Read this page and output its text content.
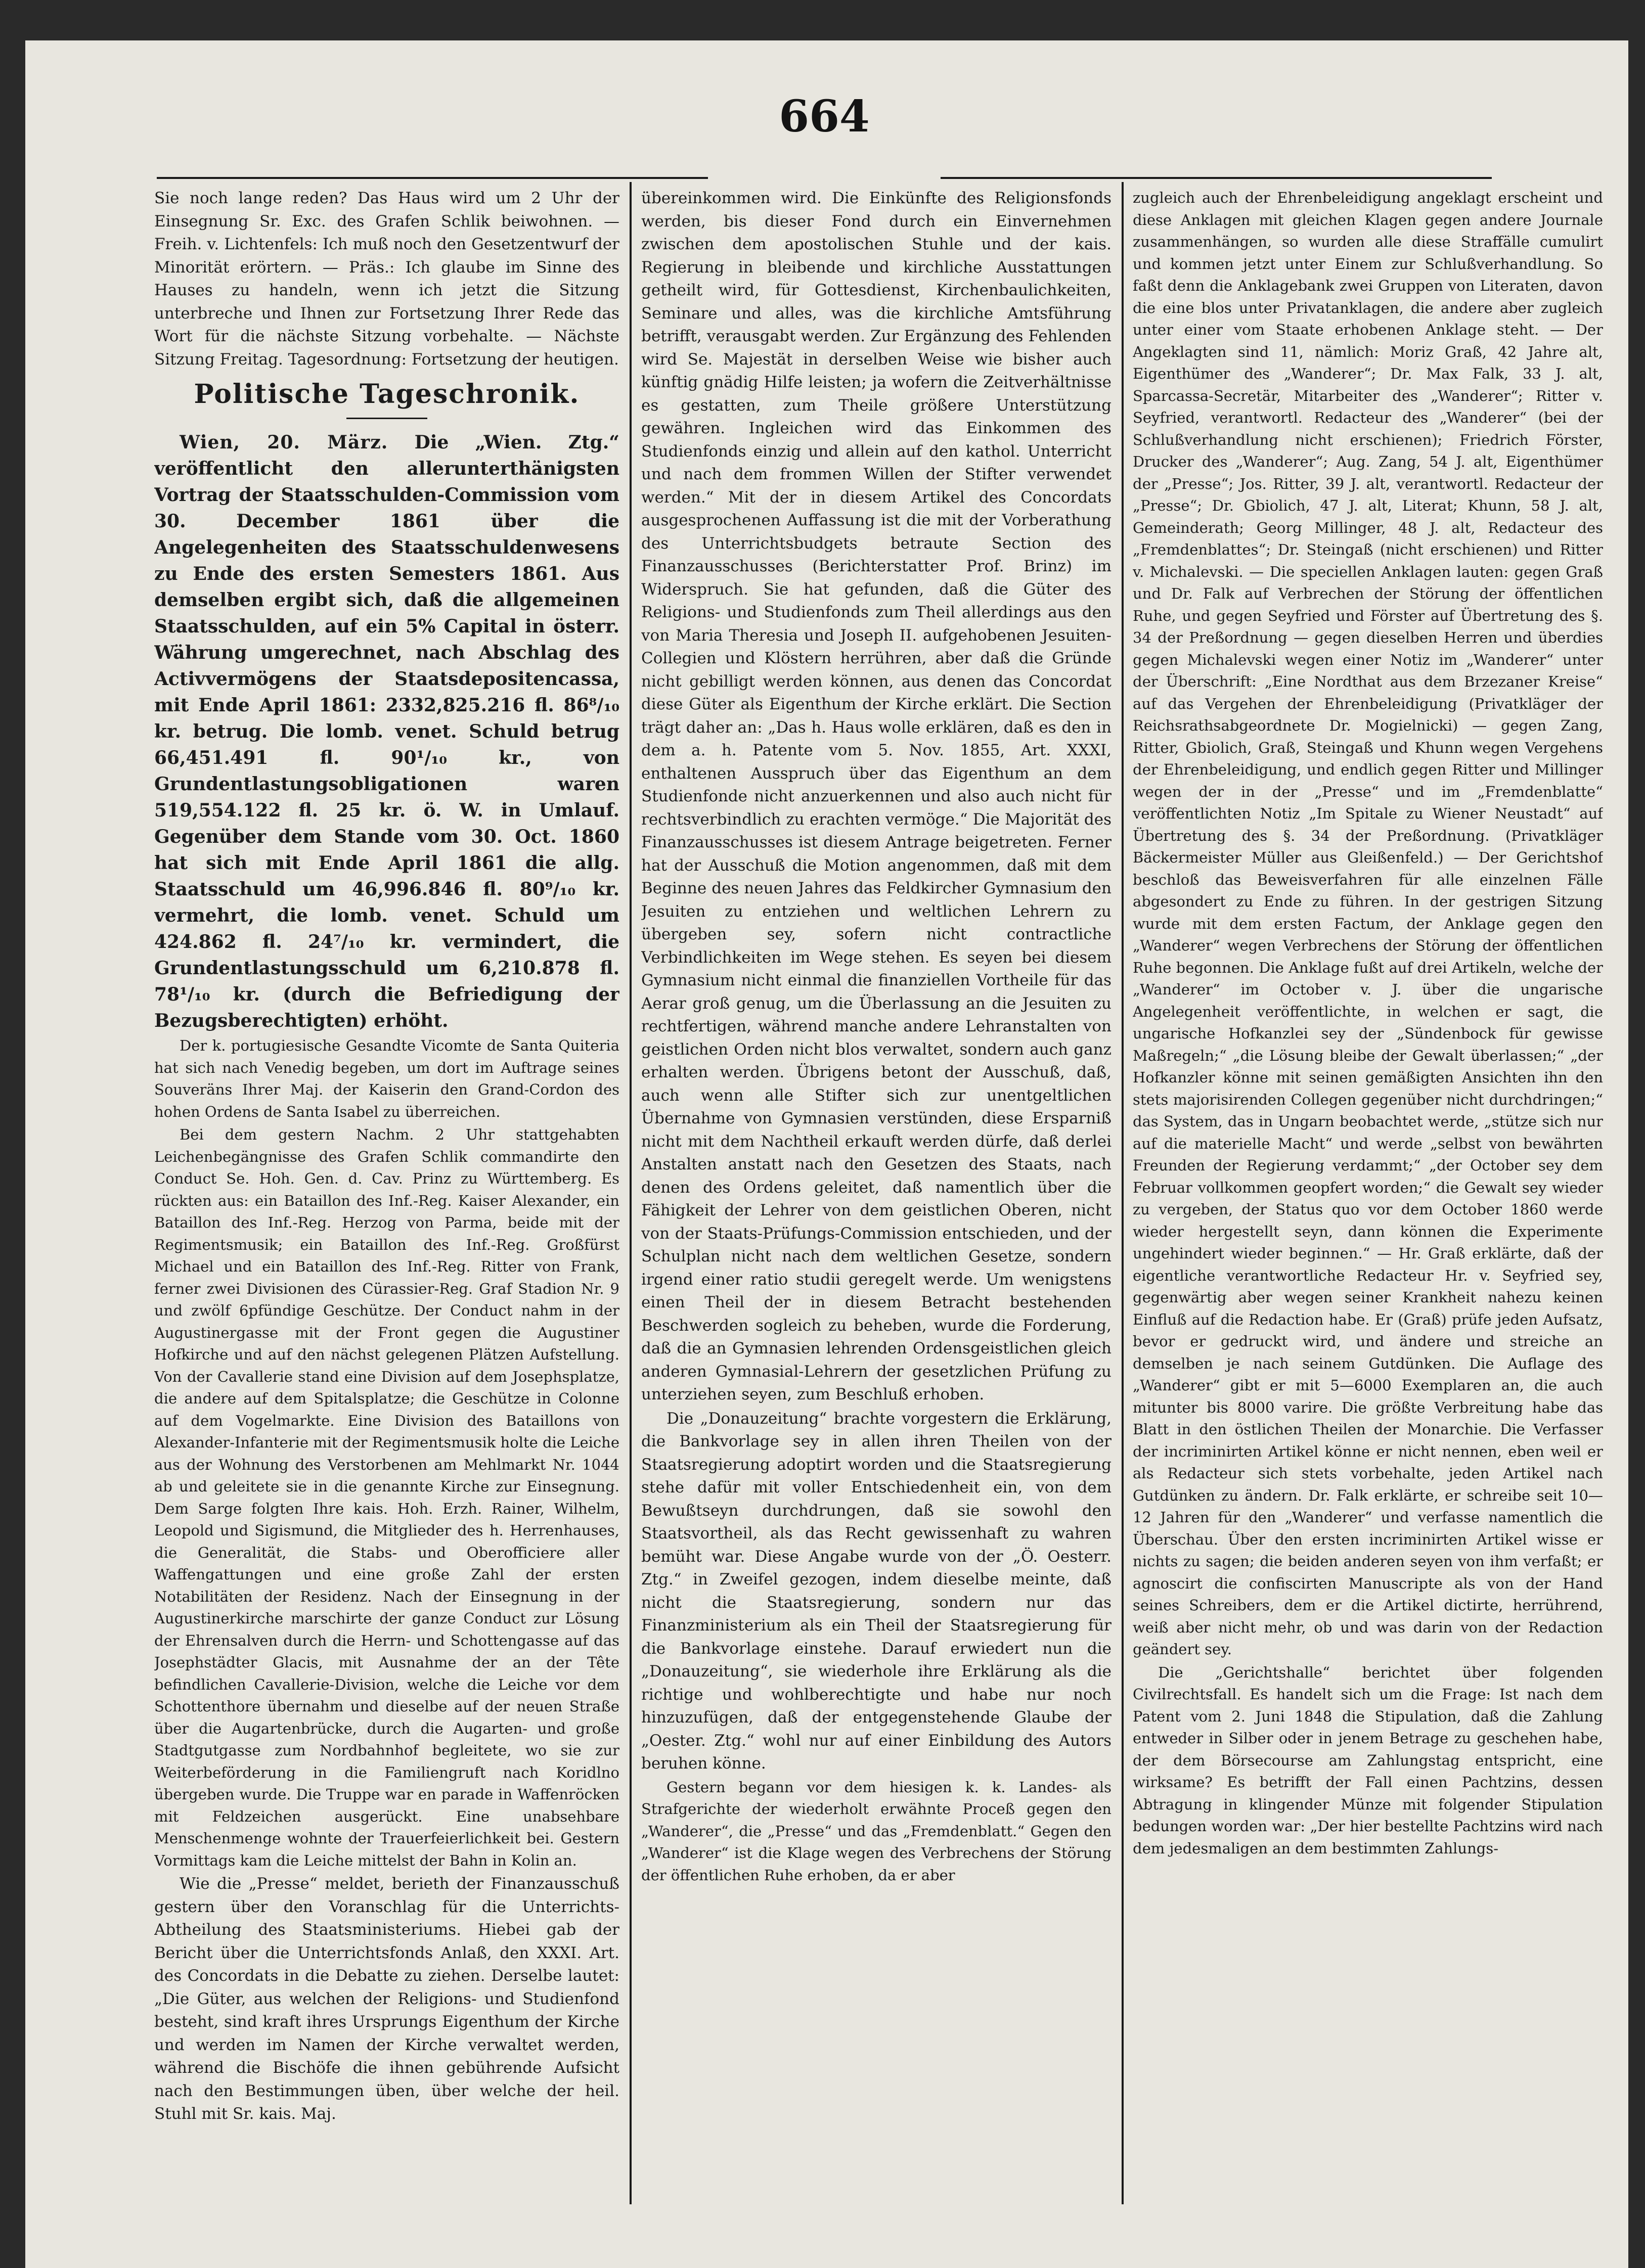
664

Sie noch lange reden? Das Haus wird um 2 Uhr der Einsegnung Sr. Exc. des Grafen Schlik beiwohnen. — Freih. v. Lichtenfels: Ich muß noch den Gesetzentwurf der Minorität erörtern. — Präs.: Ich glaube im Sinne des Hauses zu handeln, wenn ich jetzt die Sitzung unterbreche und Ihnen zur Fortsetzung Ihrer Rede das Wort für die nächste Sitzung vorbehalte. — Nächste Sitzung Freitag. Tagesordnung: Fortsetzung der heutigen.

Politische Tageschronik.

Wien, 20. März. Die „Wien. Ztg.“ veröffentlicht den allerunterthänigsten Vortrag der Staatsschulden-Commission vom 30. December 1861 über die Angelegenheiten des Staatsschuldenwesens zu Ende des ersten Semesters 1861. Aus demselben ergibt sich, daß die allgemeinen Staatsschulden, auf ein 5% Capital in österr. Währung umgerechnet, nach Abschlag des Activvermögens der Staatsdepositencassa, mit Ende April 1861: 2332,825.216 fl. 86⁸/₁₀ kr. betrug. Die lomb. venet. Schuld betrug 66,451.491 fl. 90¹/₁₀ kr., von Grundentlastungsobligationen waren 519,554.122 fl. 25 kr. ö. W. in Umlauf. Gegenüber dem Stande vom 30. Oct. 1860 hat sich mit Ende April 1861 die allg. Staatsschuld um 46,996.846 fl. 80⁹/₁₀ kr. vermehrt, die lomb. venet. Schuld um 424.862 fl. 24⁷/₁₀ kr. vermindert, die Grundentlastungsschuld um 6,210.878 fl. 78¹/₁₀ kr. (durch die Befriedigung der Bezugsberechtigten) erhöht.

Der k. portugiesische Gesandte Vicomte de Santa Quiteria hat sich nach Venedig begeben, um dort im Auftrage seines Souveräns Ihrer Maj. der Kaiserin den Grand-Cordon des hohen Ordens de Santa Isabel zu überreichen.

Bei dem gestern Nachm. 2 Uhr stattgehabten Leichenbegängnisse des Grafen Schlik commandirte den Conduct Se. Hoh. Gen. d. Cav. Prinz zu Württemberg. Es rückten aus: ein Bataillon des Inf.-Reg. Kaiser Alexander, ein Bataillon des Inf.-Reg. Herzog von Parma, beide mit der Regimentsmusik; ein Bataillon des Inf.-Reg. Großfürst Michael und ein Bataillon des Inf.-Reg. Ritter von Frank, ferner zwei Divisionen des Cürassier-Reg. Graf Stadion Nr. 9 und zwölf 6pfündige Geschütze. Der Conduct nahm in der Augustinergasse mit der Front gegen die Augustiner Hofkirche und auf den nächst gelegenen Plätzen Aufstellung. Von der Cavallerie stand eine Division auf dem Josephsplatze, die andere auf dem Spitalsplatze; die Geschütze in Colonne auf dem Vogelmarkte. Eine Division des Bataillons von Alexander-Infanterie mit der Regimentsmusik holte die Leiche aus der Wohnung des Verstorbenen am Mehlmarkt Nr. 1044 ab und geleitete sie in die genannte Kirche zur Einsegnung. Dem Sarge folgten Ihre kais. Hoh. Erzh. Rainer, Wilhelm, Leopold und Sigismund, die Mitglieder des h. Herrenhauses, die Generalität, die Stabs- und Oberofficiere aller Waffengattungen und eine große Zahl der ersten Notabilitäten der Residenz. Nach der Einsegnung in der Augustinerkirche marschirte der ganze Conduct zur Lösung der Ehrensalven durch die Herrn- und Schottengasse auf das Josephstädter Glacis, mit Ausnahme der an der Tête befindlichen Cavallerie-Division, welche die Leiche vor dem Schottenthore übernahm und dieselbe auf der neuen Straße über die Augartenbrücke, durch die Augarten- und große Stadtgutgasse zum Nordbahnhof begleitete, wo sie zur Weiterbeförderung in die Familiengruft nach Koridlno übergeben wurde. Die Truppe war en parade in Waffenröcken mit Feldzeichen ausgerückt. Eine unabsehbare Menschenmenge wohnte der Trauerfeierlichkeit bei. Gestern Vormittags kam die Leiche mittelst der Bahn in Kolin an.

Wie die „Presse“ meldet, berieth der Finanzausschuß gestern über den Voranschlag für die Unterrichts-Abtheilung des Staatsministeriums. Hiebei gab der Bericht über die Unterrichtsfonds Anlaß, den XXXI. Art. des Concordats in die Debatte zu ziehen. Derselbe lautet: „Die Güter, aus welchen der Religions- und Studienfond besteht, sind kraft ihres Ursprungs Eigenthum der Kirche und werden im Namen der Kirche verwaltet werden, während die Bischöfe die ihnen gebührende Aufsicht nach den Bestimmungen üben, über welche der heil. Stuhl mit Sr. kais. Maj.

übereinkommen wird. Die Einkünfte des Religionsfonds werden, bis dieser Fond durch ein Einvernehmen zwischen dem apostolischen Stuhle und der kais. Regierung in bleibende und kirchliche Ausstattungen getheilt wird, für Gottesdienst, Kirchenbaulichkeiten, Seminare und alles, was die kirchliche Amtsführung betrifft, verausgabt werden. Zur Ergänzung des Fehlenden wird Se. Majestät in derselben Weise wie bisher auch künftig gnädig Hilfe leisten; ja wofern die Zeitverhältnisse es gestatten, zum Theile größere Unterstützung gewähren. Ingleichen wird das Einkommen des Studienfonds einzig und allein auf den kathol. Unterricht und nach dem frommen Willen der Stifter verwendet werden.“ Mit der in diesem Artikel des Concordats ausgesprochenen Auffassung ist die mit der Vorberathung des Unterrichtsbudgets betraute Section des Finanzausschusses (Berichterstatter Prof. Brinz) im Widerspruch. Sie hat gefunden, daß die Güter des Religions- und Studienfonds zum Theil allerdings aus den von Maria Theresia und Joseph II. aufgehobenen Jesuiten-Collegien und Klöstern herrühren, aber daß die Gründe nicht gebilligt werden können, aus denen das Concordat diese Güter als Eigenthum der Kirche erklärt. Die Section trägt daher an: „Das h. Haus wolle erklären, daß es den in dem a. h. Patente vom 5. Nov. 1855, Art. XXXI, enthaltenen Ausspruch über das Eigenthum an dem Studienfonde nicht anzuerkennen und also auch nicht für rechtsverbindlich zu erachten vermöge.“ Die Majorität des Finanzausschusses ist diesem Antrage beigetreten. Ferner hat der Ausschuß die Motion angenommen, daß mit dem Beginne des neuen Jahres das Feldkircher Gymnasium den Jesuiten zu entziehen und weltlichen Lehrern zu übergeben sey, sofern nicht contractliche Verbindlichkeiten im Wege stehen. Es seyen bei diesem Gymnasium nicht einmal die finanziellen Vortheile für das Aerar groß genug, um die Überlassung an die Jesuiten zu rechtfertigen, während manche andere Lehranstalten von geistlichen Orden nicht blos verwaltet, sondern auch ganz erhalten werden. Übrigens betont der Ausschuß, daß, auch wenn alle Stifter sich zur unentgeltlichen Übernahme von Gymnasien verstünden, diese Ersparniß nicht mit dem Nachtheil erkauft werden dürfe, daß derlei Anstalten anstatt nach den Gesetzen des Staats, nach denen des Ordens geleitet, daß namentlich über die Fähigkeit der Lehrer von dem geistlichen Oberen, nicht von der Staats-Prüfungs-Commission entschieden, und der Schulplan nicht nach dem weltlichen Gesetze, sondern irgend einer ratio studii geregelt werde. Um wenigstens einen Theil der in diesem Betracht bestehenden Beschwerden sogleich zu beheben, wurde die Forderung, daß die an Gymnasien lehrenden Ordensgeistlichen gleich anderen Gymnasial-Lehrern der gesetzlichen Prüfung zu unterziehen seyen, zum Beschluß erhoben.

Die „Donauzeitung“ brachte vorgestern die Erklärung, die Bankvorlage sey in allen ihren Theilen von der Staatsregierung adoptirt worden und die Staatsregierung stehe dafür mit voller Entschiedenheit ein, von dem Bewußtseyn durchdrungen, daß sie sowohl den Staatsvortheil, als das Recht gewissenhaft zu wahren bemüht war. Diese Angabe wurde von der „Ö. Oesterr. Ztg.“ in Zweifel gezogen, indem dieselbe meinte, daß nicht die Staatsregierung, sondern nur das Finanzministerium als ein Theil der Staatsregierung für die Bankvorlage einstehe. Darauf erwiedert nun die „Donauzeitung“, sie wiederhole ihre Erklärung als die richtige und wohlberechtigte und habe nur noch hinzuzufügen, daß der entgegenstehende Glaube der „Oester. Ztg.“ wohl nur auf einer Einbildung des Autors beruhen könne.

Gestern begann vor dem hiesigen k. k. Landes- als Strafgerichte der wiederholt erwähnte Proceß gegen den „Wanderer“, die „Presse“ und das „Fremdenblatt.“ Gegen den „Wanderer“ ist die Klage wegen des Verbrechens der Störung der öffentlichen Ruhe erhoben, da er aber

zugleich auch der Ehrenbeleidigung angeklagt erscheint und diese Anklagen mit gleichen Klagen gegen andere Journale zusammenhängen, so wurden alle diese Straffälle cumulirt und kommen jetzt unter Einem zur Schlußverhandlung. So faßt denn die Anklagebank zwei Gruppen von Literaten, davon die eine blos unter Privatanklagen, die andere aber zugleich unter einer vom Staate erhobenen Anklage steht. — Der Angeklagten sind 11, nämlich: Moriz Graß, 42 Jahre alt, Eigenthümer des „Wanderer“; Dr. Max Falk, 33 J. alt, Sparcassa-Secretär, Mitarbeiter des „Wanderer“; Ritter v. Seyfried, verantwortl. Redacteur des „Wanderer“ (bei der Schlußverhandlung nicht erschienen); Friedrich Förster, Drucker des „Wanderer“; Aug. Zang, 54 J. alt, Eigenthümer der „Presse“; Jos. Ritter, 39 J. alt, verantwortl. Redacteur der „Presse“; Dr. Gbiolich, 47 J. alt, Literat; Khunn, 58 J. alt, Gemeinderath; Georg Millinger, 48 J. alt, Redacteur des „Fremdenblattes“; Dr. Steingaß (nicht erschienen) und Ritter v. Michalevski. — Die speciellen Anklagen lauten: gegen Graß und Dr. Falk auf Verbrechen der Störung der öffentlichen Ruhe, und gegen Seyfried und Förster auf Übertretung des §. 34 der Preßordnung — gegen dieselben Herren und überdies gegen Michalevski wegen einer Notiz im „Wanderer“ unter der Überschrift: „Eine Nordthat aus dem Brzezaner Kreise“ auf das Vergehen der Ehrenbeleidigung (Privatkläger der Reichsrathsabgeordnete Dr. Mogielnicki) — gegen Zang, Ritter, Gbiolich, Graß, Steingaß und Khunn wegen Vergehens der Ehrenbeleidigung, und endlich gegen Ritter und Millinger wegen der in der „Presse“ und im „Fremdenblatte“ veröffentlichten Notiz „Im Spitale zu Wiener Neustadt“ auf Übertretung des §. 34 der Preßordnung. (Privatkläger Bäckermeister Müller aus Gleißenfeld.) — Der Gerichtshof beschloß das Beweisverfahren für alle einzelnen Fälle abgesondert zu Ende zu führen. In der gestrigen Sitzung wurde mit dem ersten Factum, der Anklage gegen den „Wanderer“ wegen Verbrechens der Störung der öffentlichen Ruhe begonnen. Die Anklage fußt auf drei Artikeln, welche der „Wanderer“ im October v. J. über die ungarische Angelegenheit veröffentlichte, in welchen er sagt, die ungarische Hofkanzlei sey der „Sündenbock für gewisse Maßregeln;“ „die Lösung bleibe der Gewalt überlassen;“ „der Hofkanzler könne mit seinen gemäßigten Ansichten ihn den stets majorisirenden Collegen gegenüber nicht durchdringen;“ das System, das in Ungarn beobachtet werde, „stütze sich nur auf die materielle Macht“ und werde „selbst von bewährten Freunden der Regierung verdammt;“ „der October sey dem Februar vollkommen geopfert worden;“ die Gewalt sey wieder zu vergeben, der Status quo vor dem October 1860 werde wieder hergestellt seyn, dann können die Experimente ungehindert wieder beginnen.“ — Hr. Graß erklärte, daß der eigentliche verantwortliche Redacteur Hr. v. Seyfried sey, gegenwärtig aber wegen seiner Krankheit nahezu keinen Einfluß auf die Redaction habe. Er (Graß) prüfe jeden Aufsatz, bevor er gedruckt wird, und ändere und streiche an demselben je nach seinem Gutdünken. Die Auflage des „Wanderer“ gibt er mit 5—6000 Exemplaren an, die auch mitunter bis 8000 varire. Die größte Verbreitung habe das Blatt in den östlichen Theilen der Monarchie. Die Verfasser der incriminirten Artikel könne er nicht nennen, eben weil er als Redacteur sich stets vorbehalte, jeden Artikel nach Gutdünken zu ändern. Dr. Falk erklärte, er schreibe seit 10—12 Jahren für den „Wanderer“ und verfasse namentlich die Überschau. Über den ersten incriminirten Artikel wisse er nichts zu sagen; die beiden anderen seyen von ihm verfaßt; er agnoscirt die confiscirten Manuscripte als von der Hand seines Schreibers, dem er die Artikel dictirte, herrührend, weiß aber nicht mehr, ob und was darin von der Redaction geändert sey.

Die „Gerichtshalle“ berichtet über folgenden Civilrechtsfall. Es handelt sich um die Frage: Ist nach dem Patent vom 2. Juni 1848 die Stipulation, daß die Zahlung entweder in Silber oder in jenem Betrage zu geschehen habe, der dem Börsecourse am Zahlungstag entspricht, eine wirksame? Es betrifft der Fall einen Pachtzins, dessen Abtragung in klingender Münze mit folgender Stipulation bedungen worden war: „Der hier bestellte Pachtzins wird nach dem jedesmaligen an dem bestimmten Zahlungs-
